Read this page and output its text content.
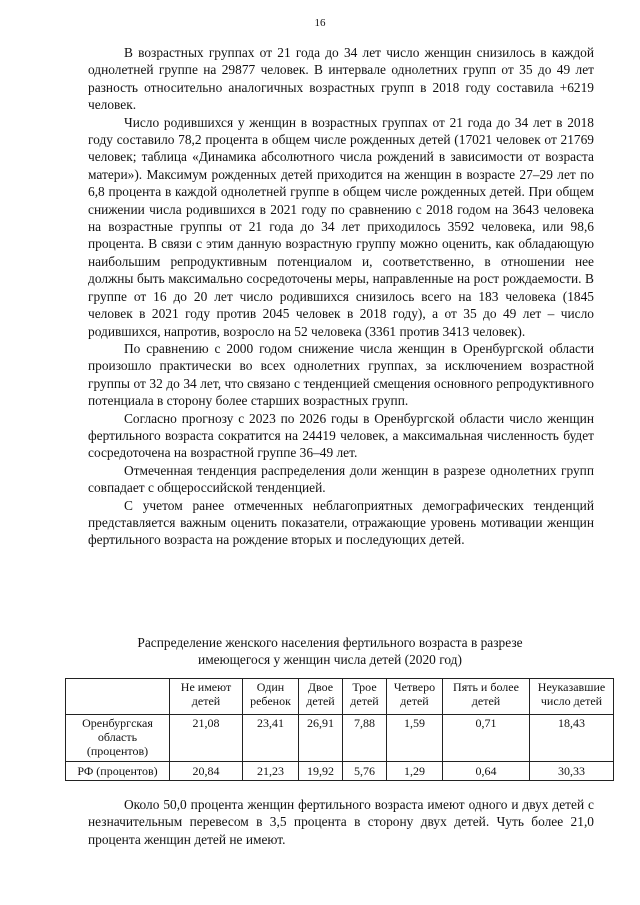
16

В возрастных группах от 21 года до 34 лет число женщин снизилось в каждой однолетней группе на 29877 человек. В интервале однолетних групп от 35 до 49 лет разность относительно аналогичных возрастных групп в 2018 году составила +6219 человек.

Число родившихся у женщин в возрастных группах от 21 года до 34 лет в 2018 году составило 78,2 процента в общем числе рожденных детей (17021 человек от 21769 человек; таблица «Динамика абсолютного числа рождений в зависимости от возраста матери»). Максимум рожденных детей приходится на женщин в возрасте 27–29 лет по 6,8 процента в каждой однолетней группе в общем числе рожденных детей. При общем снижении числа родившихся в 2021 году по сравнению с 2018 годом на 3643 человека на возрастные группы от 21 года до 34 лет приходилось 3592 человека, или 98,6 процента. В связи с этим данную возрастную группу можно оценить, как обладающую наибольшим репродуктивным потенциалом и, соответственно, в отношении нее должны быть максимально сосредоточены меры, направленные на рост рождаемости. В группе от 16 до 20 лет число родившихся снизилось всего на 183 человека (1845 человек в 2021 году против 2045 человек в 2018 году), а от 35 до 49 лет – число родившихся, напротив, возросло на 52 человека (3361 против 3413 человек).

По сравнению с 2000 годом снижение числа женщин в Оренбургской области произошло практически во всех однолетних группах, за исключением возрастной группы от 32 до 34 лет, что связано с тенденцией смещения основного репродуктивного потенциала в сторону более старших возрастных групп.

Согласно прогнозу с 2023 по 2026 годы в Оренбургской области число женщин фертильного возраста сократится на 24419 человек, а максимальная численность будет сосредоточена на возрастной группе 36–49 лет.

Отмеченная тенденция распределения доли женщин в разрезе однолетних групп совпадает с общероссийской тенденцией.

С учетом ранее отмеченных неблагоприятных демографических тенденций представляется важным оценить показатели, отражающие уровень мотивации женщин фертильного возраста на рождение вторых и последующих детей.

Распределение женского населения фертильного возраста в разрезе
имеющегося у женщин числа детей (2020 год)
	Не имеют детей	Один ребенок	Двое детей	Трое детей	Четверо детей	Пять и более детей	Неуказавшие число детей
Оренбургская область (процентов)	21,08	23,41	26,91	7,88	1,59	0,71	18,43
РФ (процентов)	20,84	21,23	19,92	5,76	1,29	0,64	30,33

Около 50,0 процента женщин фертильного возраста имеют одного и двух детей с незначительным перевесом в 3,5 процента в сторону двух детей. Чуть более 21,0 процента женщин детей не имеют.
